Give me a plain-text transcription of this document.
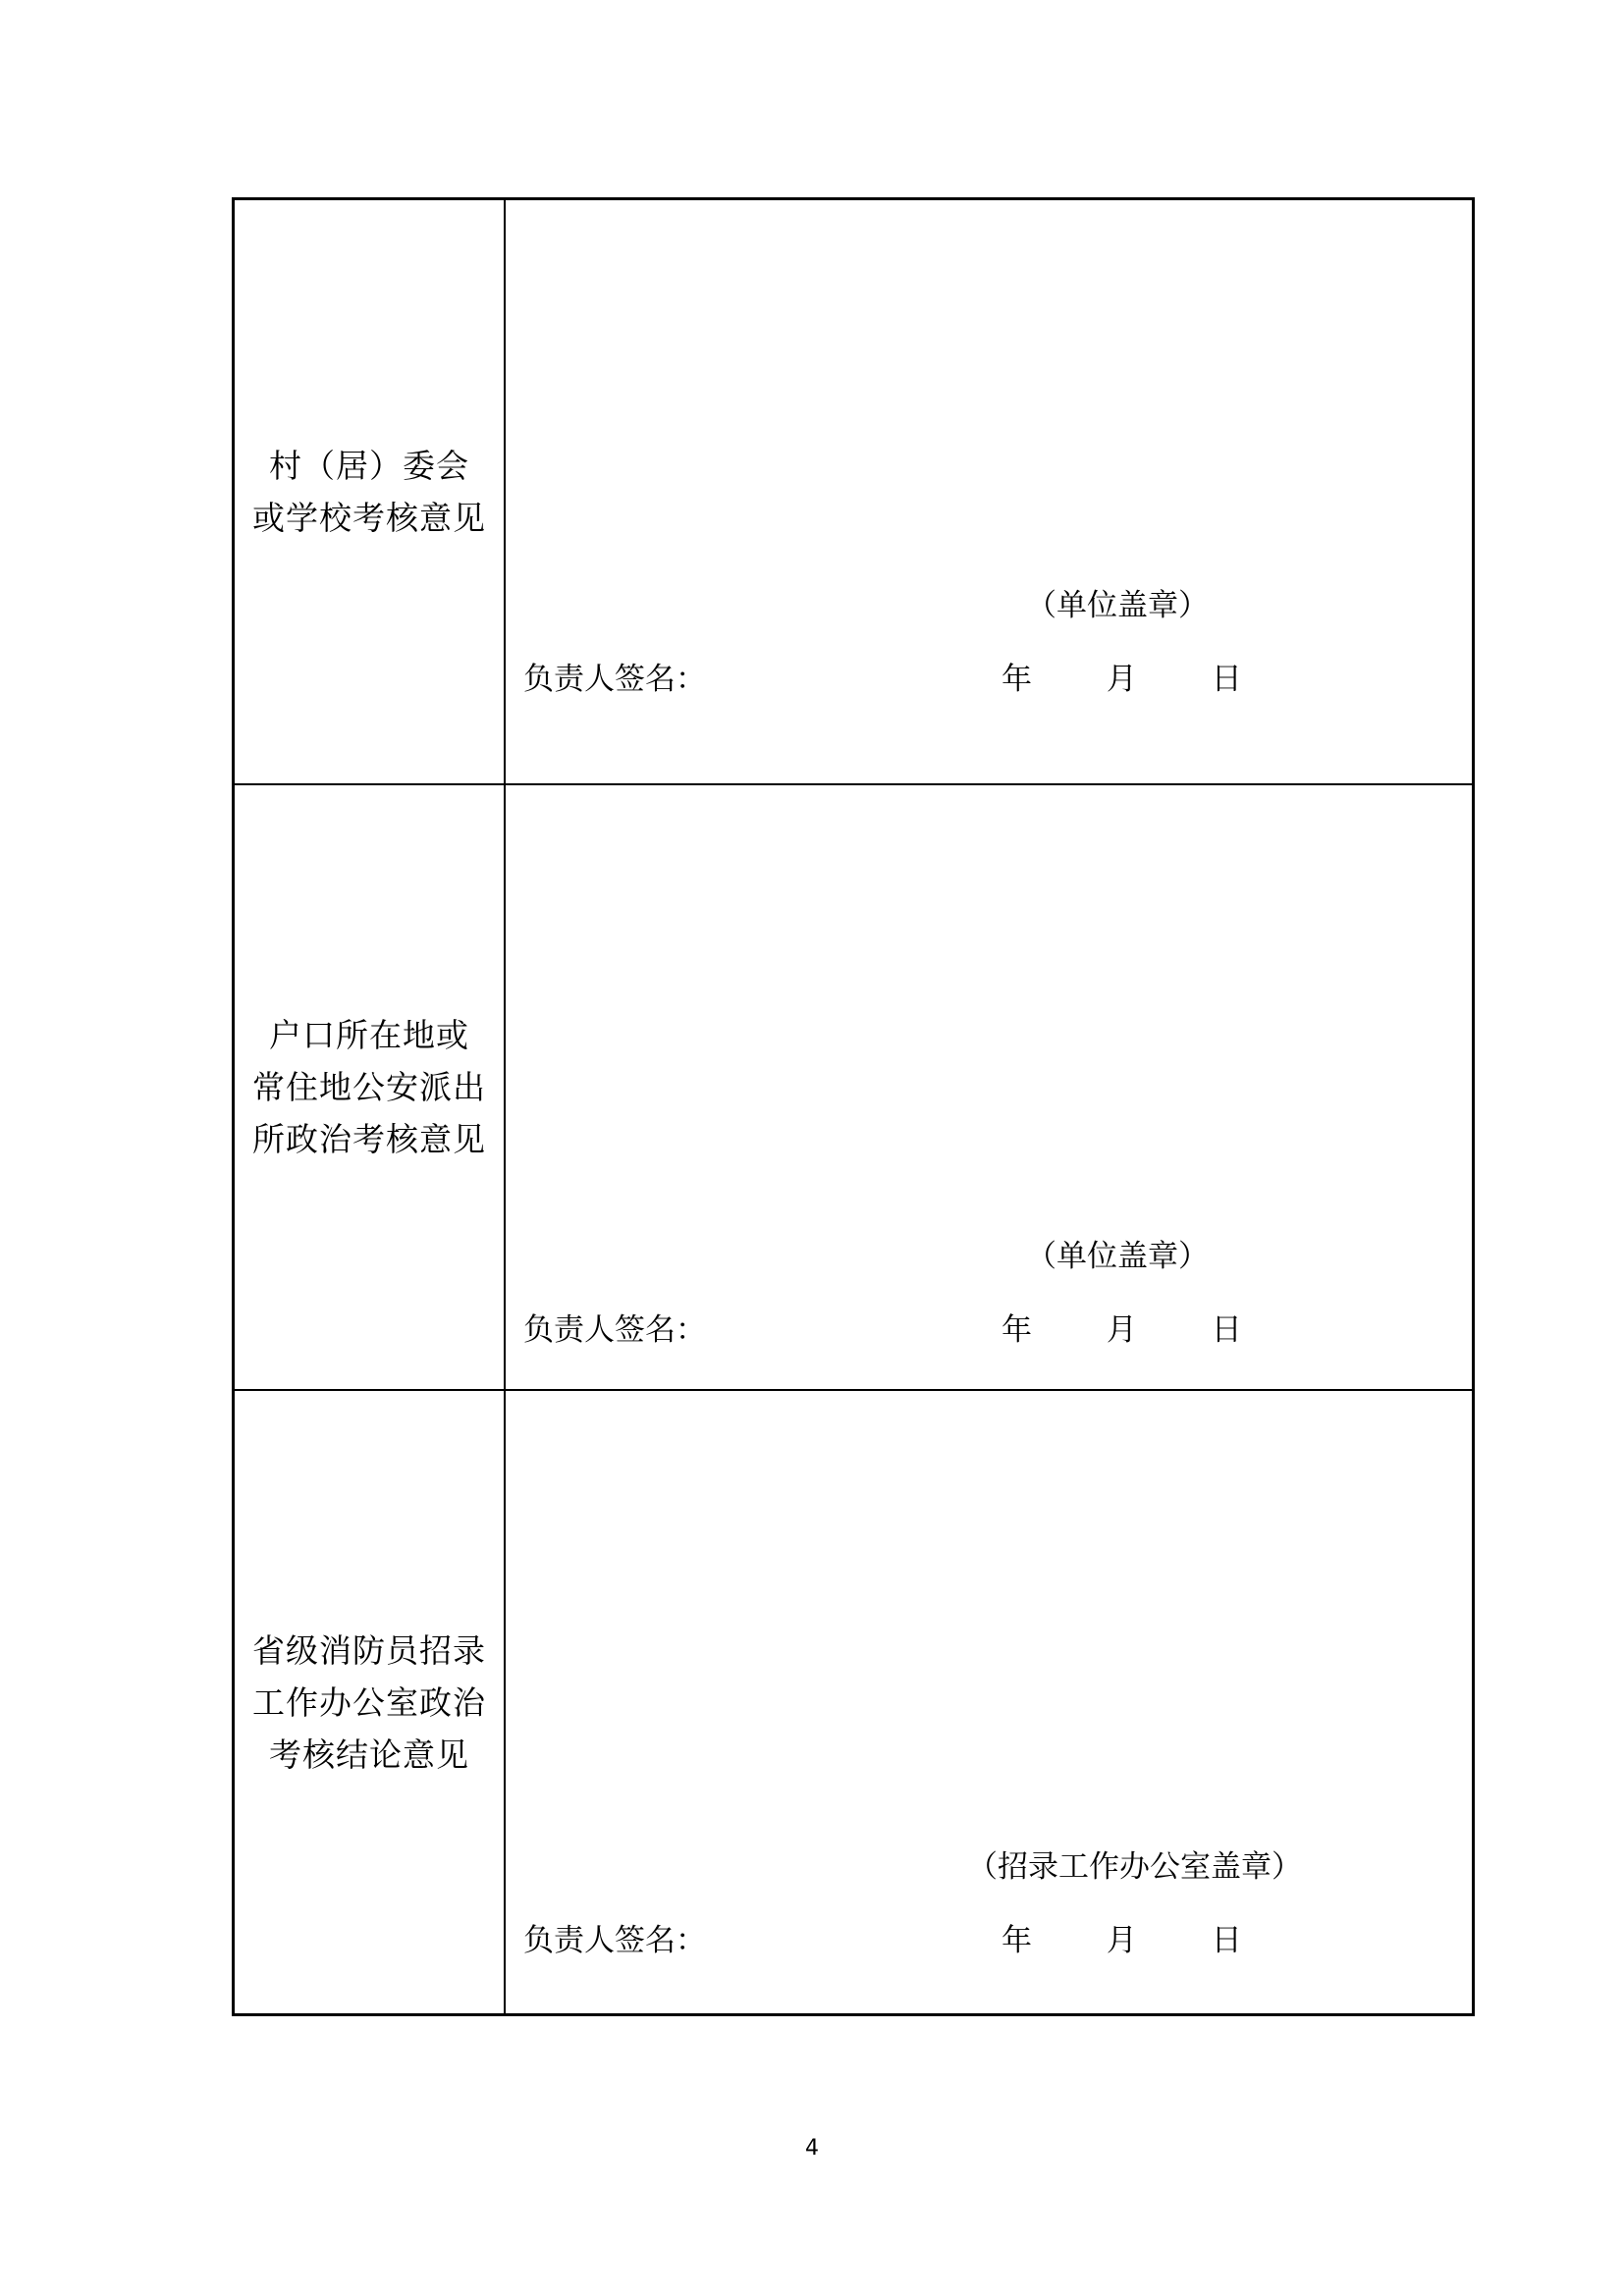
村（居）委会
或学校考核意见
（单位盖章）
负责人签名：	年 月 日
户口所在地或
常住地公安派出
所政治考核意见
（单位盖章）
负责人签名：	年 月 日
省级消防员招录
工作办公室政治
考核结论意见
（招录工作办公室盖章）
负责人签名：	年 月 日
4
